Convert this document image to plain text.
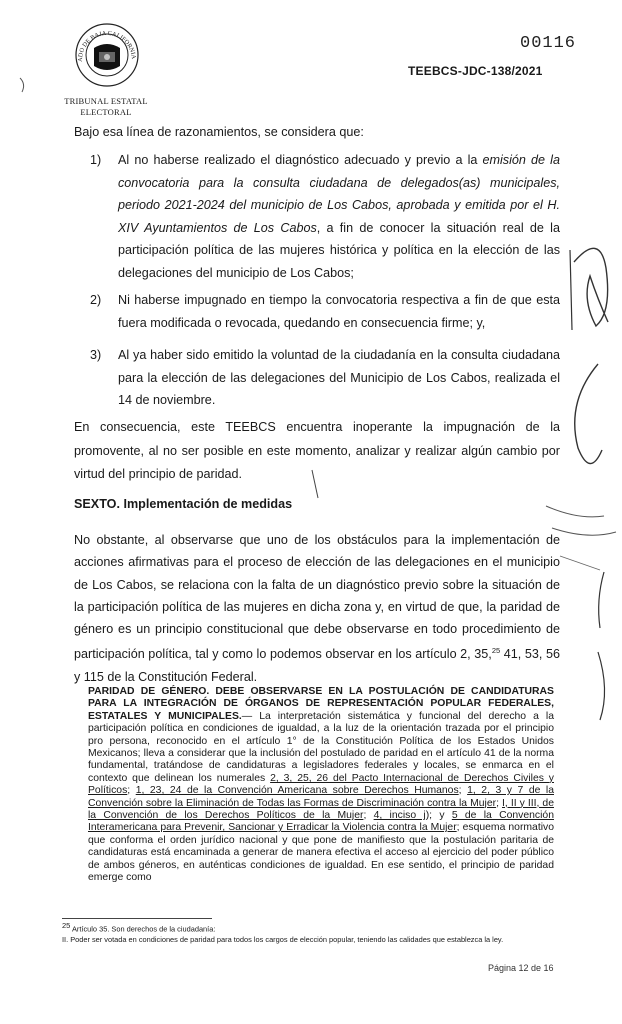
ADO DE BAJA CALIFORNIA
TRIBUNAL ESTATAL
ELECTORAL
00116
TEEBCS-JDC-138/2021
Bajo esa línea de razonamientos, se considera que:
1) Al no haberse realizado el diagnóstico adecuado y previo a la emisión de la convocatoria para la consulta ciudadana de delegados(as) municipales, periodo 2021-2024 del municipio de Los Cabos, aprobada y emitida por el H. XIV Ayuntamientos de Los Cabos, a fin de conocer la situación real de la participación política de las mujeres histórica y política en la elección de las delegaciones del municipio de Los Cabos;
2) Ni haberse impugnado en tiempo la convocatoria respectiva a fin de que esta fuera modificada o revocada, quedando en consecuencia firme; y,
3) Al ya haber sido emitido la voluntad de la ciudadanía en la consulta ciudadana para la elección de las delegaciones del Municipio de Los Cabos, realizada el 14 de noviembre.
En consecuencia, este TEEBCS encuentra inoperante la impugnación de la promovente, al no ser posible en este momento, analizar y realizar algún cambio por virtud del principio de paridad.
SEXTO. Implementación de medidas
No obstante, al observarse que uno de los obstáculos para la implementación de acciones afirmativas para el proceso de elección de las delegaciones en el municipio de Los Cabos, se relaciona con la falta de un diagnóstico previo sobre la situación de la participación política de las mujeres en dicha zona y, en virtud de que, la paridad de género es un principio constitucional que debe observarse en todo procedimiento de participación política, tal y como lo podemos observar en los artículo 2, 35,25 41, 53, 56 y 115 de la Constitución Federal.
PARIDAD DE GÉNERO. DEBE OBSERVARSE EN LA POSTULACIÓN DE CANDIDATURAS PARA LA INTEGRACIÓN DE ÓRGANOS DE REPRESENTACIÓN POPULAR FEDERALES, ESTATALES Y MUNICIPALES.— La interpretación sistemática y funcional del derecho a la participación política en condiciones de igualdad, a la luz de la orientación trazada por el principio pro persona, reconocido en el artículo 1° de la Constitución Política de los Estados Unidos Mexicanos; lleva a considerar que la inclusión del postulado de paridad en el artículo 41 de la norma fundamental, tratándose de candidaturas a legisladores federales y locales, se enmarca en el contexto que delinean los numerales 2, 3, 25, 26 del Pacto Internacional de Derechos Civiles y Políticos; 1, 23, 24 de la Convención Americana sobre Derechos Humanos; 1, 2, 3 y 7 de la Convención sobre la Eliminación de Todas las Formas de Discriminación contra la Mujer; I, II y III, de la Convención de los Derechos Políticos de la Mujer; 4, inciso j); y 5 de la Convención Interamericana para Prevenir, Sancionar y Erradicar la Violencia contra la Mujer; esquema normativo que conforma el orden jurídico nacional y que pone de manifiesto que la postulación paritaria de candidaturas está encaminada a generar de manera efectiva el acceso al ejercicio del poder público de ambos géneros, en auténticas condiciones de igualdad. En ese sentido, el principio de paridad emerge como
$^{25}$ Artículo 35. Son derechos de la ciudadanía:
II. Poder ser votada en condiciones de paridad para todos los cargos de elección popular, teniendo las calidades que establezca la ley.
Página 12 de 16
